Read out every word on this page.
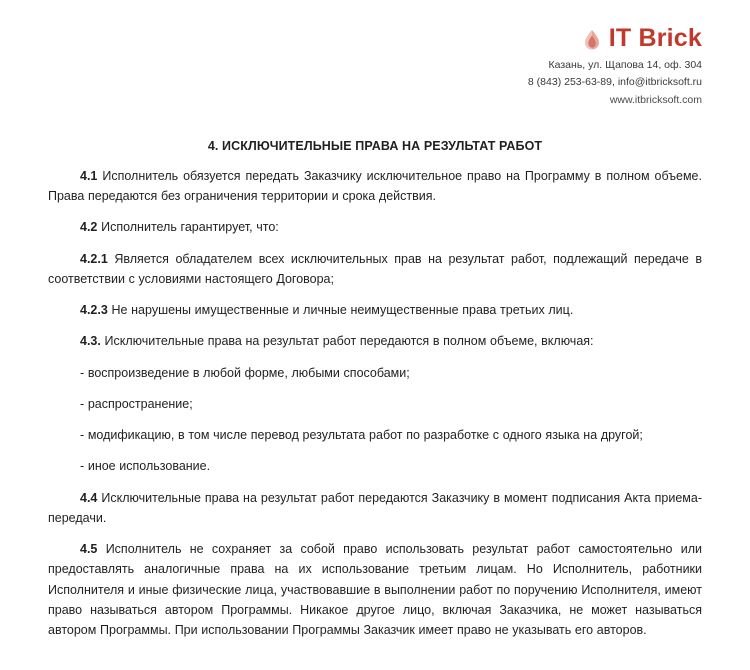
IT Brick
Казань, ул. Щапова 14, оф. 304
8 (843) 253-63-89, info@itbricksoft.ru
www.itbricksoft.com
4. ИСКЛЮЧИТЕЛЬНЫЕ ПРАВА НА РЕЗУЛЬТАТ РАБОТ

4.1 Исполнитель обязуется передать Заказчику исключительное право на Программу в полном объеме. Права передаются без ограничения территории и срока действия.

4.2 Исполнитель гарантирует, что:

4.2.1 Является обладателем всех исключительных прав на результат работ, подлежащий передаче в соответствии с условиями настоящего Договора;

4.2.3 Не нарушены имущественные и личные неимущественные права третьих лиц.

4.3. Исключительные права на результат работ передаются в полном объеме, включая:

- воспроизведение в любой форме, любыми способами;

- распространение;

- модификацию, в том числе перевод результата работ по разработке с одного языка на другой;

- иное использование.

4.4 Исключительные права на результат работ передаются Заказчику в момент подписания Акта приема-передачи.

4.5 Исполнитель не сохраняет за собой право использовать результат работ самостоятельно или предоставлять аналогичные права на их использование третьим лицам. Но Исполнитель, работники Исполнителя и иные физические лица, участвовавшие в выполнении работ по поручению Исполнителя, имеют право называться автором Программы. Никакое другое лицо, включая Заказчика, не может называться автором Программы. При использовании Программы Заказчик имеет право не указывать его авторов.
